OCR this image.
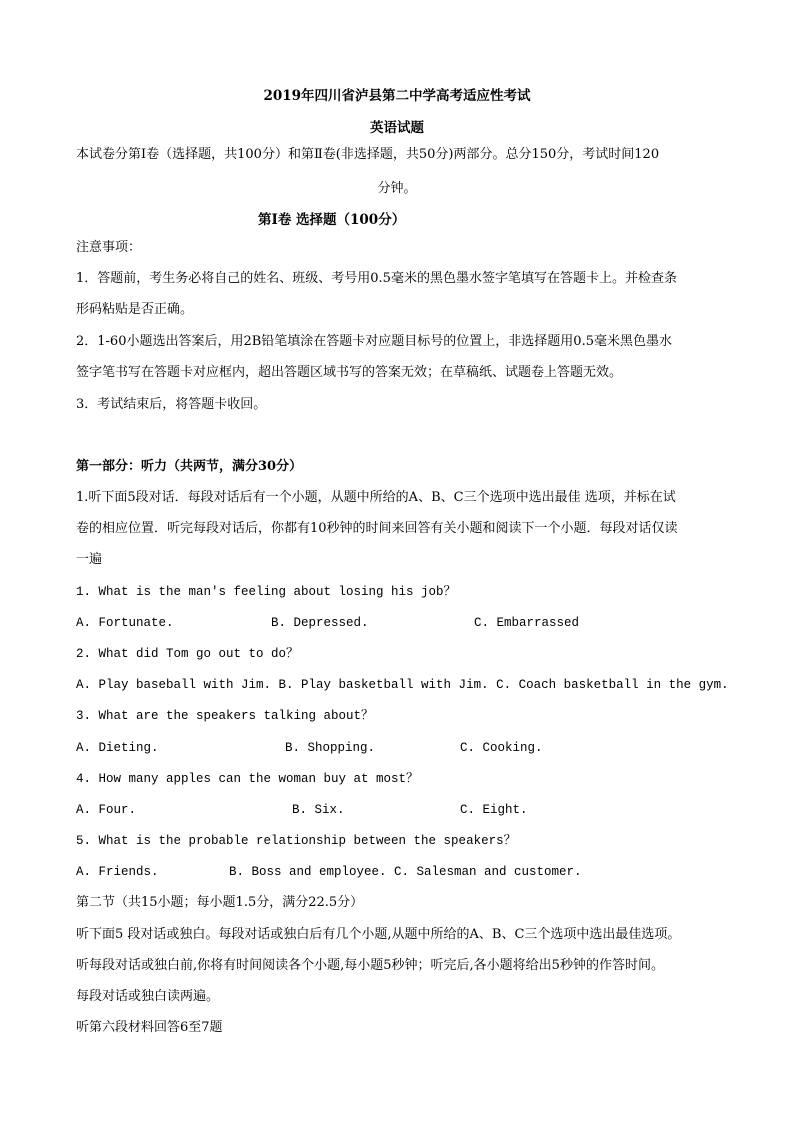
2019年四川省泸县第二中学高考适应性考试
英语试题
本试卷分第Ⅰ卷（选择题，共100分）和第Ⅱ卷(非选择题，共50分)两部分。总分150分，考试时间120
分钟。
第Ⅰ卷 选择题（100分）
注意事项：
1．答题前，考生务必将自己的姓名、班级、考号用0.5毫米的黑色墨水签字笔填写在答题卡上。并检查条
形码粘贴是否正确。
2．1-60小题选出答案后，用2B铅笔填涂在答题卡对应题目标号的位置上，非选择题用0.5毫米黑色墨水
签字笔书写在答题卡对应框内，超出答题区域书写的答案无效；在草稿纸、试题卷上答题无效。
3．考试结束后，将答题卡收回。
第一部分：听力（共两节，满分30分）
1.听下面5段对话．每段对话后有一个小题，从题中所给的A、B、C三个选项中选出最佳 选项，并标在试
卷的相应位置．听完每段对话后，你都有10秒钟的时间来回答有关小题和阅读下一个小题．每段对话仅读
一遍
1. What is the man's feeling about losing his job？
A. Fortunate.	B. Depressed.	C. Embarrassed
2. What did Tom go out to do？
A. Play baseball with Jim. B. Play basketball with Jim. C. Coach basketball in the gym.
3. What are the speakers talking about？
A. Dieting.	B. Shopping.	C. Cooking.
4. How many apples can the woman buy at most？
A. Four.	B. Six.	C. Eight.
5. What is the probable relationship between the speakers？
A. Friends.	B. Boss and employee. C. Salesman and customer.
第二节（共15小题；每小题1.5分，满分22.5分）
听下面5 段对话或独白。每段对话或独白后有几个小题,从题中所给的A、B、C三个选项中选出最佳选项。
听每段对话或独白前,你将有时间阅读各个小题,每小题5秒钟；听完后,各小题将给出5秒钟的作答时间。
每段对话或独白读两遍。
听第六段材料回答6至7题
